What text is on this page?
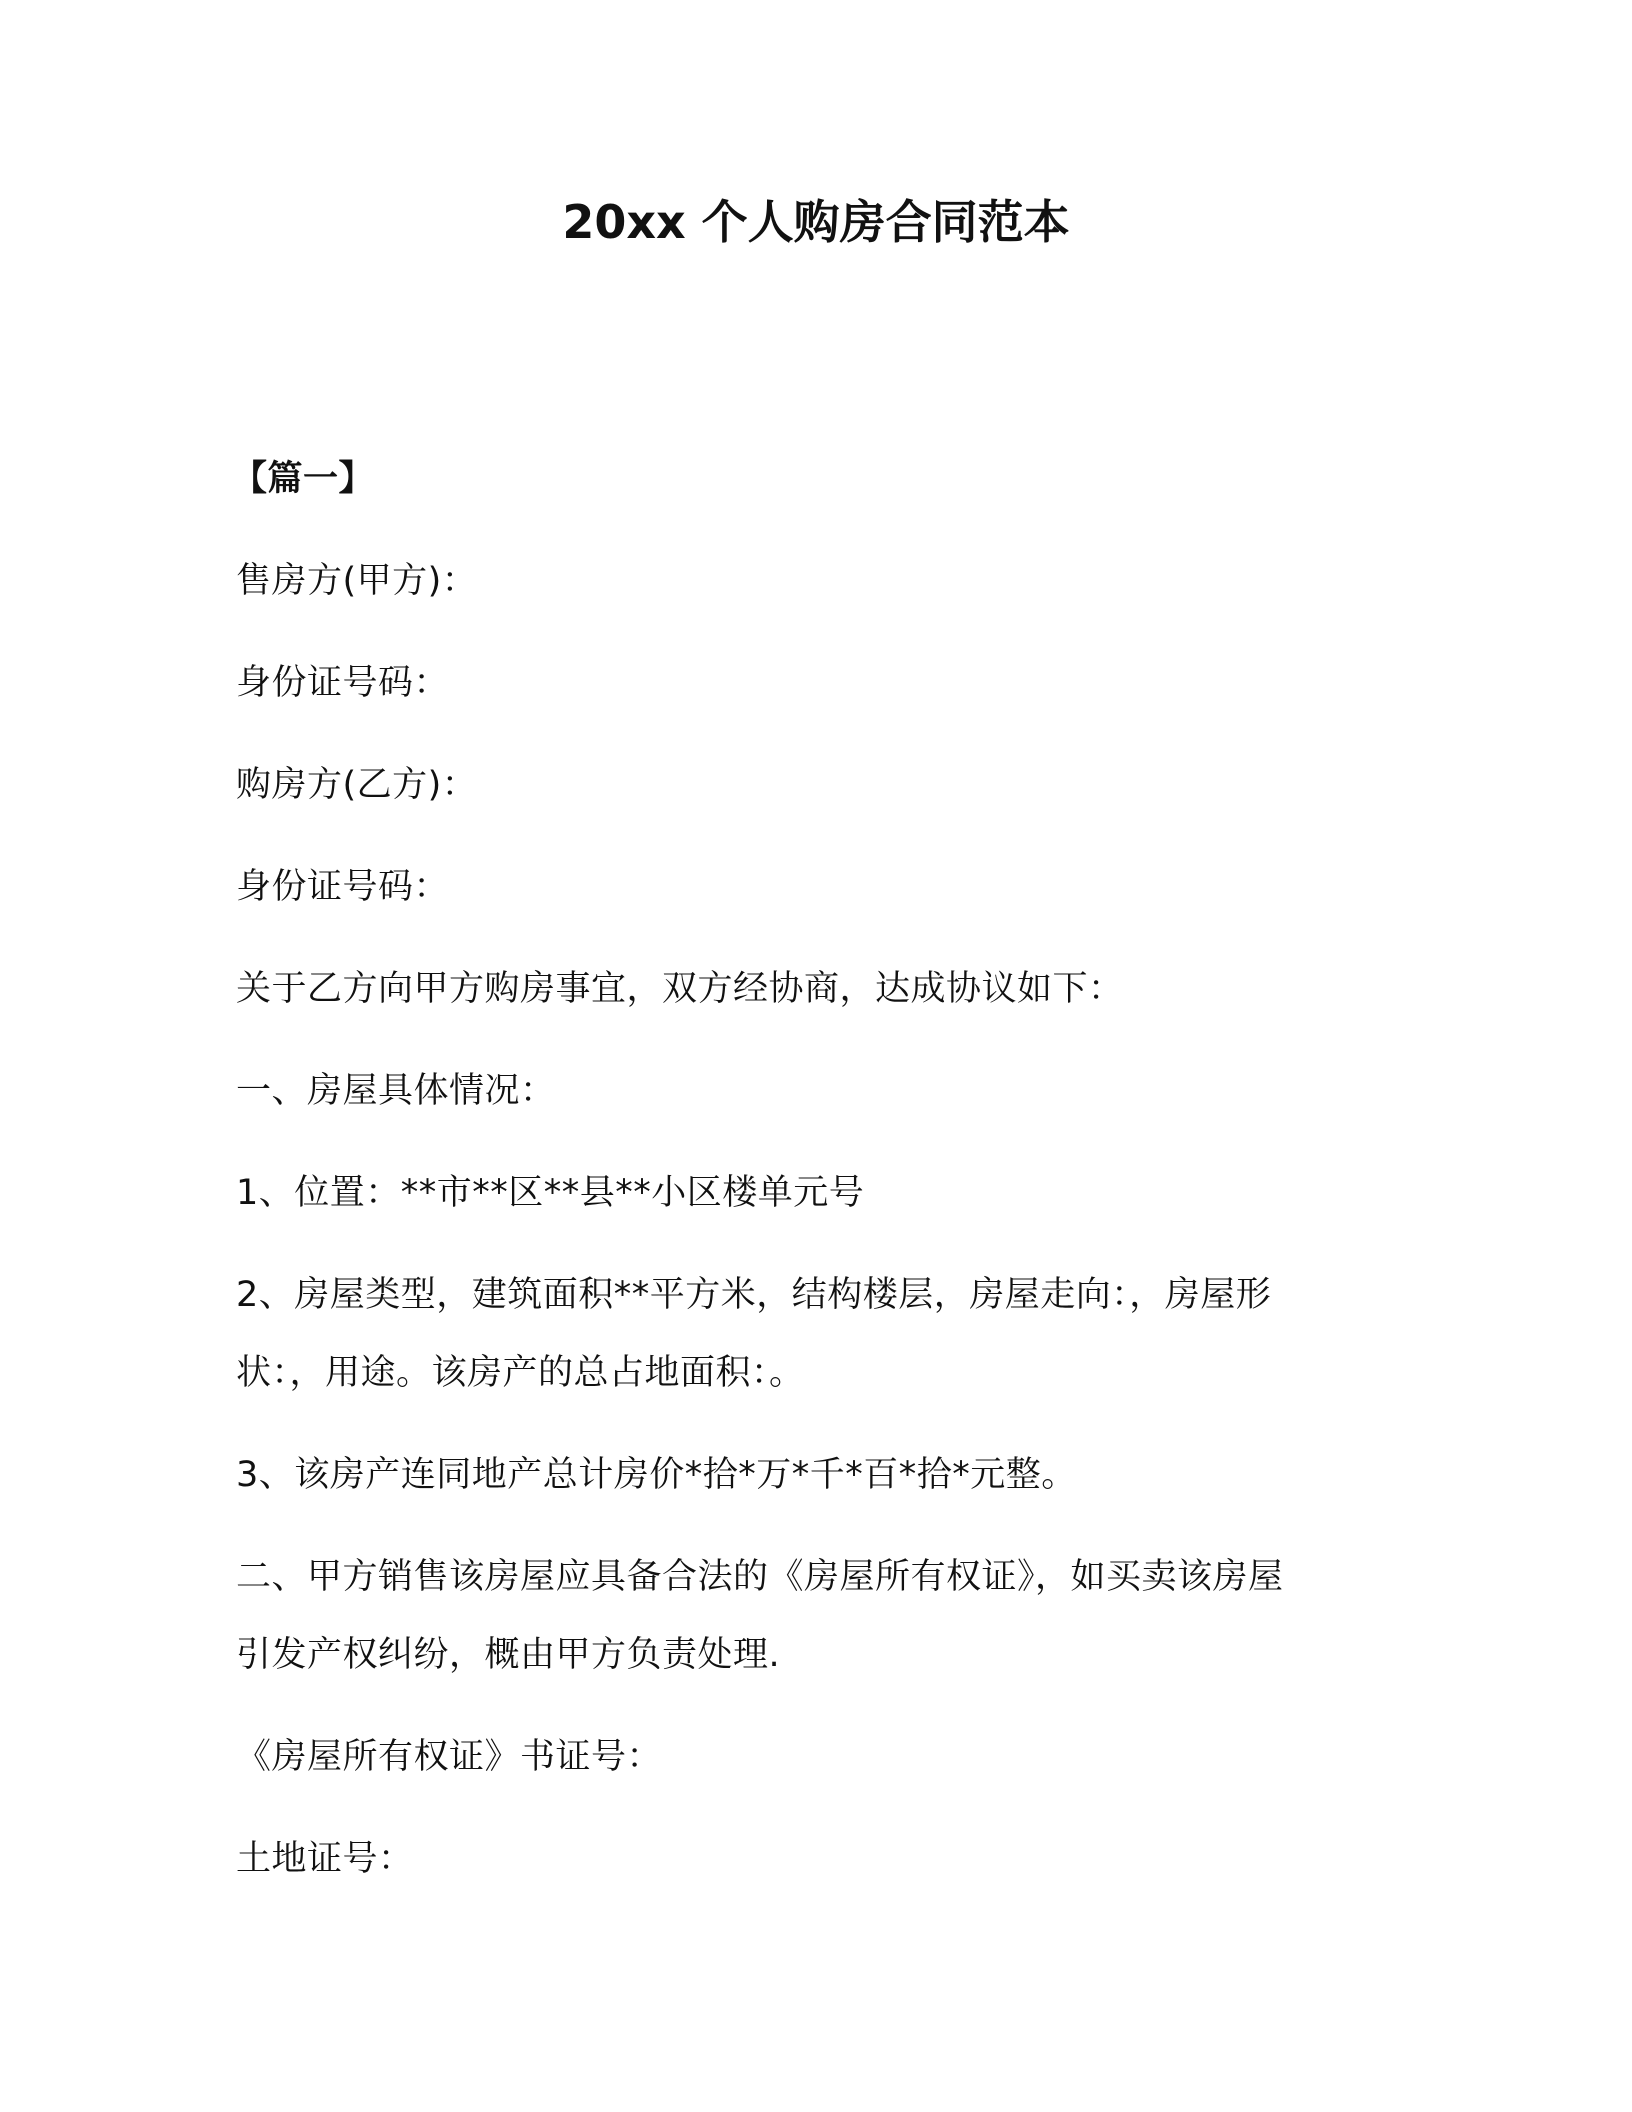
20xx 个人购房合同范本

【篇一】

售房方(甲方)：

身份证号码：

购房方(乙方)：

身份证号码：

关于乙方向甲方购房事宜，双方经协商，达成协议如下：

一、房屋具体情况：

1、位置：**市**区**县**小区楼单元号

2、房屋类型，建筑面积**平方米，结构楼层，房屋走向：，房屋形

状：，用途。该房产的总占地面积：。

3、该房产连同地产总计房价*拾*万*千*百*拾*元整。

二、甲方销售该房屋应具备合法的《房屋所有权证》，如买卖该房屋

引发产权纠纷，概由甲方负责处理.

《房屋所有权证》书证号：

土地证号：
